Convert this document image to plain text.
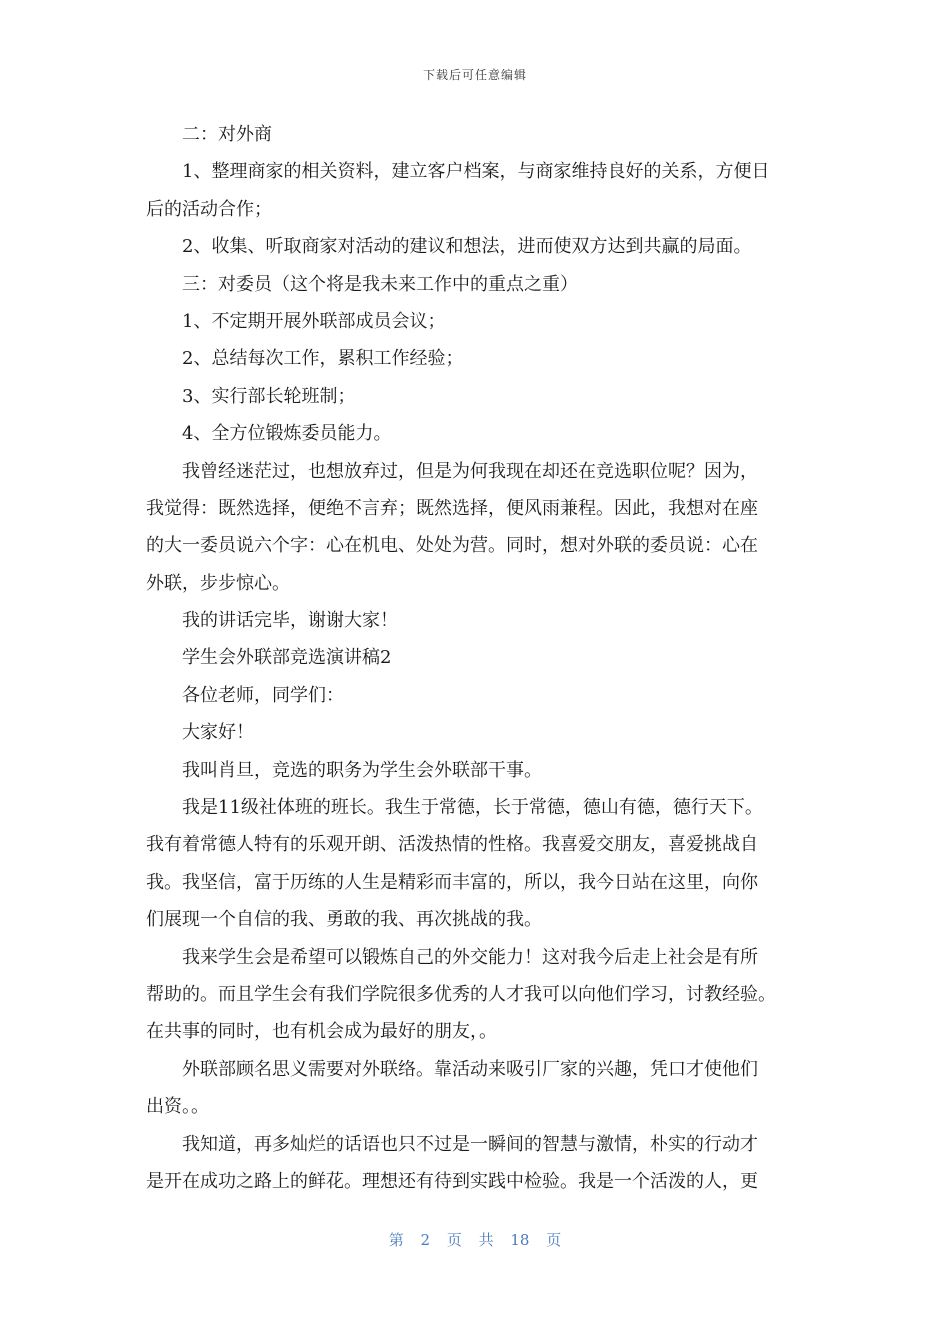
下载后可任意编辑
二：对外商
1、整理商家的相关资料，建立客户档案，与商家维持良好的关系，方便日
后的活动合作；
2、收集、听取商家对活动的建议和想法，进而使双方达到共赢的局面。
三：对委员（这个将是我未来工作中的重点之重）
1、不定期开展外联部成员会议；
2、总结每次工作，累积工作经验；
3、实行部长轮班制；
4、全方位锻炼委员能力。
我曾经迷茫过，也想放弃过，但是为何我现在却还在竞选职位呢？因为，
我觉得：既然选择，便绝不言弃；既然选择，便风雨兼程。因此，我想对在座
的大一委员说六个字：心在机电、处处为营。同时，想对外联的委员说：心在
外联，步步惊心。
我的讲话完毕，谢谢大家！
学生会外联部竞选演讲稿2
各位老师，同学们：
大家好！
我叫肖旦，竞选的职务为学生会外联部干事。
我是11级社体班的班长。我生于常德，长于常德，德山有德，德行天下。
我有着常德人特有的乐观开朗、活泼热情的性格。我喜爱交朋友，喜爱挑战自
我。我坚信，富于历练的人生是精彩而丰富的，所以，我今日站在这里，向你
们展现一个自信的我、勇敢的我、再次挑战的我。
我来学生会是希望可以锻炼自己的外交能力！这对我今后走上社会是有所
帮助的。而且学生会有我们学院很多优秀的人才我可以向他们学习，讨教经验。
在共事的同时，也有机会成为最好的朋友，。
外联部顾名思义需要对外联络。靠活动来吸引厂家的兴趣，凭口才使他们
出资。。
我知道，再多灿烂的话语也只不过是一瞬间的智慧与激情，朴实的行动才
是开在成功之路上的鲜花。理想还有待到实践中检验。我是一个活泼的人，更
第 2 页 共 18 页
